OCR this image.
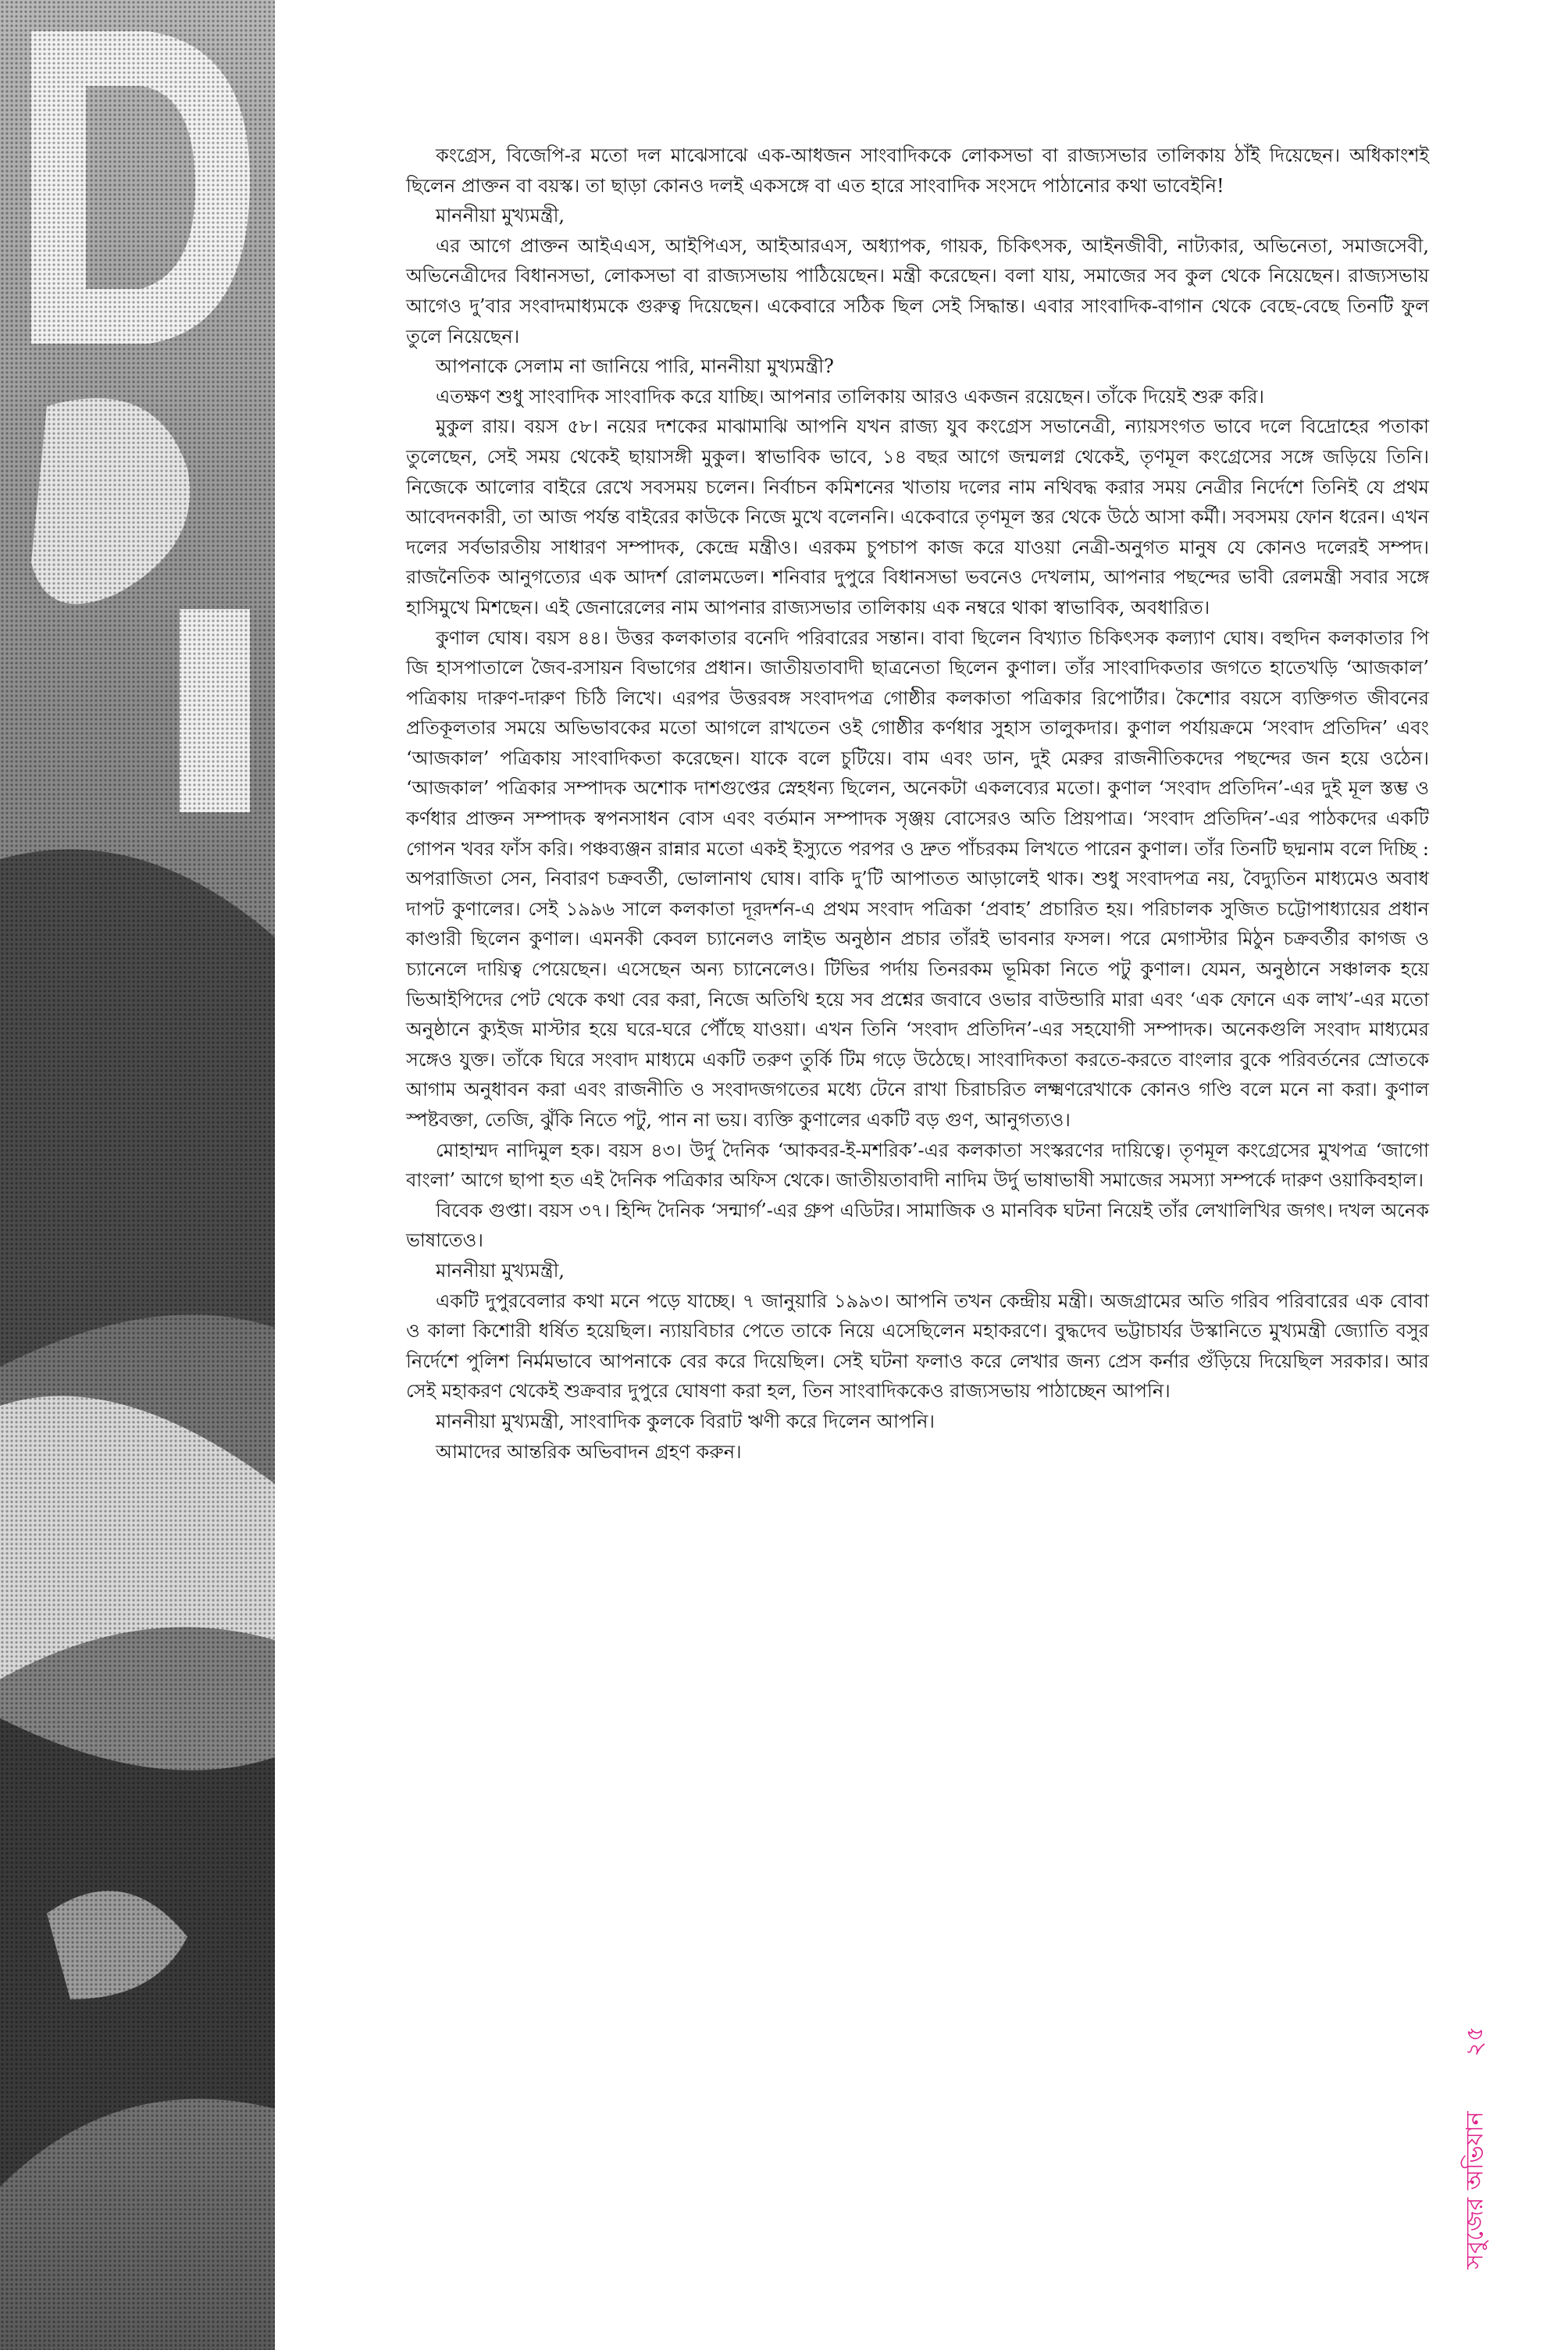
কংগ্রেস, বিজেপি-র মতো দল মাঝেসাঝে এক-আধজন সাংবাদিককে লোকসভা বা রাজ্যসভার তালিকায় ঠাঁই দিয়েছেন। অধিকাংশই ছিলেন প্রাক্তন বা বয়স্ক। তা ছাড়া কোনও দলই একসঙ্গে বা এত হারে সাংবাদিক সংসদে পাঠানোর কথা ভাবেইনি!

মাননীয়া মুখ্যমন্ত্রী,

এর আগে প্রাক্তন আইএএস, আইপিএস, আইআরএস, অধ্যাপক, গায়ক, চিকিৎসক, আইনজীবী, নাট্যকার, অভিনেতা, সমাজসেবী, অভিনেত্রীদের বিধানসভা, লোকসভা বা রাজ্যসভায় পাঠিয়েছেন। মন্ত্রী করেছেন। বলা যায়, সমাজের সব কুল থেকে নিয়েছেন। রাজ্যসভায় আগেও দু’বার সংবাদমাধ্যমকে গুরুত্ব দিয়েছেন। একেবারে সঠিক ছিল সেই সিদ্ধান্ত। এবার সাংবাদিক-বাগান থেকে বেছে-বেছে তিনটি ফুল তুলে নিয়েছেন।

আপনাকে সেলাম না জানিয়ে পারি, মাননীয়া মুখ্যমন্ত্রী?

এতক্ষণ শুধু সাংবাদিক সাংবাদিক করে যাচ্ছি। আপনার তালিকায় আরও একজন রয়েছেন। তাঁকে দিয়েই শুরু করি।

মুকুল রায়। বয়স ৫৮। নয়ের দশকের মাঝামাঝি আপনি যখন রাজ্য যুব কংগ্রেস সভানেত্রী, ন্যায়সংগত ভাবে দলে বিদ্রোহের পতাকা তুলেছেন, সেই সময় থেকেই ছায়াসঙ্গী মুকুল। স্বাভাবিক ভাবে, ১৪ বছর আগে জন্মলগ্ন থেকেই, তৃণমূল কংগ্রেসের সঙ্গে জড়িয়ে তিনি। নিজেকে আলোর বাইরে রেখে সবসময় চলেন। নির্বাচন কমিশনের খাতায় দলের নাম নথিবদ্ধ করার সময় নেত্রীর নির্দেশে তিনিই যে প্রথম আবেদনকারী, তা আজ পর্যন্ত বাইরের কাউকে নিজে মুখে বলেননি। একেবারে তৃণমূল স্তর থেকে উঠে আসা কর্মী। সবসময় ফোন ধরেন। এখন দলের সর্বভারতীয় সাধারণ সম্পাদক, কেন্দ্রে মন্ত্রীও। এরকম চুপচাপ কাজ করে যাওয়া নেত্রী-অনুগত মানুষ যে কোনও দলেরই সম্পদ। রাজনৈতিক আনুগত্যের এক আদর্শ রোলমডেল। শনিবার দুপুরে বিধানসভা ভবনেও দেখলাম, আপনার পছন্দের ভাবী রেলমন্ত্রী সবার সঙ্গে হাসিমুখে মিশছেন। এই জেনারেলের নাম আপনার রাজ্যসভার তালিকায় এক নম্বরে থাকা স্বাভাবিক, অবধারিত।

কুণাল ঘোষ। বয়স ৪৪। উত্তর কলকাতার বনেদি পরিবারের সন্তান। বাবা ছিলেন বিখ্যাত চিকিৎসক কল্যাণ ঘোষ। বহুদিন কলকাতার পি জি হাসপাতালে জৈব-রসায়ন বিভাগের প্রধান। জাতীয়তাবাদী ছাত্রনেতা ছিলেন কুণাল। তাঁর সাংবাদিকতার জগতে হাতেখড়ি ‘আজকাল’ পত্রিকায় দারুণ-দারুণ চিঠি লিখে। এরপর উত্তরবঙ্গ সংবাদপত্র গোষ্ঠীর কলকাতা পত্রিকার রিপোর্টার। কৈশোর বয়সে ব্যক্তিগত জীবনের প্রতিকূলতার সময়ে অভিভাবকের মতো আগলে রাখতেন ওই গোষ্ঠীর কর্ণধার সুহাস তালুকদার। কুণাল পর্যায়ক্রমে ‘সংবাদ প্রতিদিন’ এবং ‘আজকাল’ পত্রিকায় সাংবাদিকতা করেছেন। যাকে বলে চুটিয়ে। বাম এবং ডান, দুই মেরুর রাজনীতিকদের পছন্দের জন হয়ে ওঠেন। ‘আজকাল’ পত্রিকার সম্পাদক অশোক দাশগুপ্তের স্নেহধন্য ছিলেন, অনেকটা একলব্যের মতো। কুণাল ‘সংবাদ প্রতিদিন’-এর দুই মূল স্তম্ভ ও কর্ণধার প্রাক্তন সম্পাদক স্বপনসাধন বোস এবং বর্তমান সম্পাদক সৃঞ্জয় বোসেরও অতি প্রিয়পাত্র। ‘সংবাদ প্রতিদিন’-এর পাঠকদের একটি গোপন খবর ফাঁস করি। পঞ্চব্যঞ্জন রান্নার মতো একই ইস্যুতে পরপর ও দ্রুত পাঁচরকম লিখতে পারেন কুণাল। তাঁর তিনটি ছদ্মনাম বলে দিচ্ছি : অপরাজিতা সেন, নিবারণ চক্রবর্তী, ভোলানাথ ঘোষ। বাকি দু’টি আপাতত আড়ালেই থাক। শুধু সংবাদপত্র নয়, বৈদ্যুতিন মাধ্যমেও অবাধ দাপট কুণালের। সেই ১৯৯৬ সালে কলকাতা দূরদর্শন-এ প্রথম সংবাদ পত্রিকা ‘প্রবাহ’ প্রচারিত হয়। পরিচালক সুজিত চট্টোপাধ্যায়ের প্রধান কাণ্ডারী ছিলেন কুণাল। এমনকী কেবল চ্যানেলও লাইভ অনুষ্ঠান প্রচার তাঁরই ভাবনার ফসল। পরে মেগাস্টার মিঠুন চক্রবর্তীর কাগজ ও চ্যানেলে দায়িত্ব পেয়েছেন। এসেছেন অন্য চ্যানেলেও। টিভির পর্দায় তিনরকম ভূমিকা নিতে পটু কুণাল। যেমন, অনুষ্ঠানে সঞ্চালক হয়ে ভিআইপিদের পেট থেকে কথা বের করা, নিজে অতিথি হয়ে সব প্রশ্নের জবাবে ওভার বাউন্ডারি মারা এবং ‘এক ফোনে এক লাখ’-এর মতো অনুষ্ঠানে ক্যুইজ মাস্টার হয়ে ঘরে-ঘরে পৌঁছে যাওয়া। এখন তিনি ‘সংবাদ প্রতিদিন’-এর সহযোগী সম্পাদক। অনেকগুলি সংবাদ মাধ্যমের সঙ্গেও যুক্ত। তাঁকে ঘিরে সংবাদ মাধ্যমে একটি তরুণ তুর্কি টিম গড়ে উঠেছে। সাংবাদিকতা করতে-করতে বাংলার বুকে পরিবর্তনের স্রোতকে আগাম অনুধাবন করা এবং রাজনীতি ও সংবাদজগতের মধ্যে টেনে রাখা চিরাচরিত লক্ষ্মণরেখাকে কোনও গণ্ডি বলে মনে না করা। কুণাল স্পষ্টবক্তা, তেজি, ঝুঁকি নিতে পটু, পান না ভয়। ব্যক্তি কুণালের একটি বড় গুণ, আনুগত্যও।

মোহাম্মদ নাদিমুল হক। বয়স ৪৩। উর্দু দৈনিক ‘আকবর-ই-মশরিক’-এর কলকাতা সংস্করণের দায়িত্বে। তৃণমূল কংগ্রেসের মুখপত্র ‘জাগো বাংলা’ আগে ছাপা হত এই দৈনিক পত্রিকার অফিস থেকে। জাতীয়তাবাদী নাদিম উর্দু ভাষাভাষী সমাজের সমস্যা সম্পর্কে দারুণ ওয়াকিবহাল।

বিবেক গুপ্তা। বয়স ৩৭। হিন্দি দৈনিক ‘সন্মার্গ’-এর গ্রুপ এডিটর। সামাজিক ও মানবিক ঘটনা নিয়েই তাঁর লেখালিখির জগৎ। দখল অনেক ভাষাতেও।

মাননীয়া মুখ্যমন্ত্রী,

একটি দুপুরবেলার কথা মনে পড়ে যাচ্ছে। ৭ জানুয়ারি ১৯৯৩। আপনি তখন কেন্দ্রীয় মন্ত্রী। অজগ্রামের অতি গরিব পরিবারের এক বোবা ও কালা কিশোরী ধর্ষিত হয়েছিল। ন্যায়বিচার পেতে তাকে নিয়ে এসেছিলেন মহাকরণে। বুদ্ধদেব ভট্টাচার্যর উস্কানিতে মুখ্যমন্ত্রী জ্যোতি বসুর নির্দেশে পুলিশ নির্মমভাবে আপনাকে বের করে দিয়েছিল। সেই ঘটনা ফলাও করে লেখার জন্য প্রেস কর্নার গুঁড়িয়ে দিয়েছিল সরকার। আর সেই মহাকরণ থেকেই শুক্রবার দুপুরে ঘোষণা করা হল, তিন সাংবাদিককেও রাজ্যসভায় পাঠাচ্ছেন আপনি।

মাননীয়া মুখ্যমন্ত্রী, সাংবাদিক কুলকে বিরাট ঋণী করে দিলেন আপনি।

আমাদের আন্তরিক অভিবাদন গ্রহণ করুন।

সবুজের অভিযান২৫
